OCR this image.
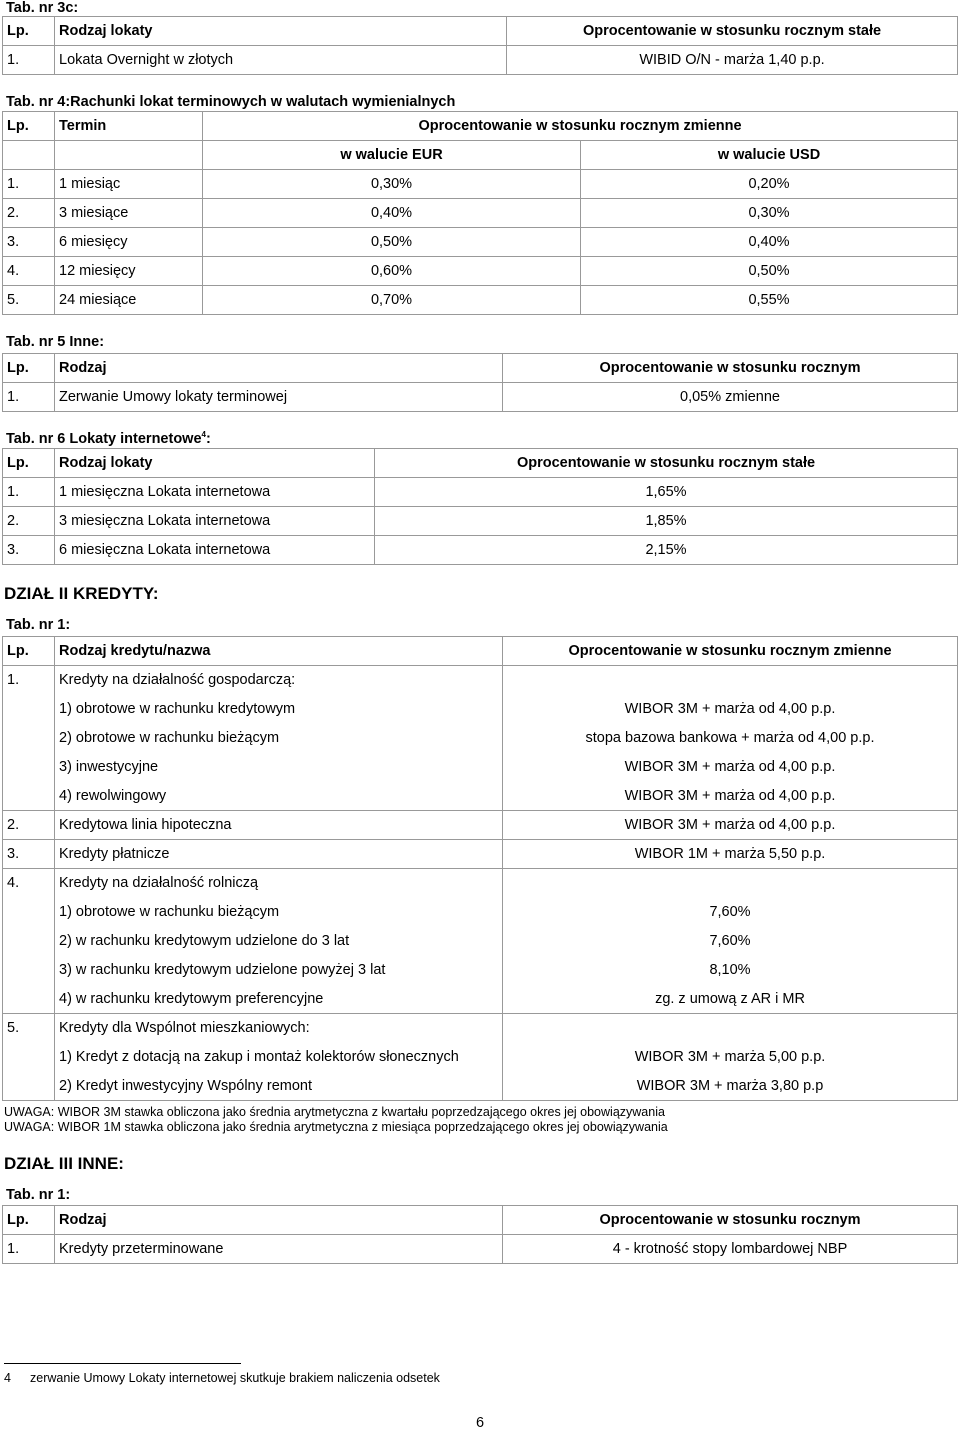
Tab. nr 3c:
Lp.	Rodzaj lokaty	Oprocentowanie w stosunku rocznym stałe
1.	Lokata Overnight w złotych	WIBID O/N - marża 1,40 p.p.
Tab. nr 4:Rachunki lokat terminowych w walutach wymienialnych
Lp.	Termin	Oprocentowanie w stosunku rocznym zmienne	
		w walucie EUR	w walucie USD
1.	1 miesiąc	0,30%	0,20%
2.	3 miesiące	0,40%	0,30%
3.	6 miesięcy	0,50%	0,40%
4.	12 miesięcy	0,60%	0,50%
5.	24 miesiące	0,70%	0,55%
Tab. nr 5 Inne:
Lp.	Rodzaj	Oprocentowanie w stosunku rocznym
1.	Zerwanie Umowy lokaty terminowej	0,05% zmienne
Tab. nr 6 Lokaty internetowe$^4$:
Lp.	Rodzaj lokaty	Oprocentowanie w stosunku rocznym stałe
1.	1 miesięczna Lokata internetowa	1,65%
2.	3 miesięczna Lokata internetowa	1,85%
3.	6 miesięczna Lokata internetowa	2,15%
DZIAŁ II KREDYTY:
Tab. nr 1:
Lp.	Rodzaj kredytu/nazwa	Oprocentowanie w stosunku rocznym zmienne
1.	Kredyty na działalność gospodarczą:	
	1) obrotowe w rachunku kredytowym	WIBOR 3M + marża od 4,00 p.p.
	2) obrotowe w rachunku bieżącym	stopa bazowa bankowa + marża od 4,00 p.p.
	3) inwestycyjne	WIBOR 3M + marża od 4,00 p.p.
	4) rewolwingowy	WIBOR 3M + marża od 4,00 p.p.
2.	Kredytowa linia hipoteczna	WIBOR 3M + marża od 4,00 p.p.
3.	Kredyty płatnicze	WIBOR 1M + marża 5,50 p.p.
4.	Kredyty na działalność rolniczą	
	1) obrotowe w rachunku bieżącym	7,60%
	2) w rachunku kredytowym udzielone do 3 lat	7,60%
	3) w rachunku kredytowym udzielone powyżej 3 lat	8,10%
	4) w rachunku kredytowym preferencyjne	zg. z umową z AR i MR
5.	Kredyty dla Wspólnot mieszkaniowych:	
	1) Kredyt z dotacją na zakup i montaż kolektorów słonecznych	WIBOR 3M + marża 5,00 p.p.
	2) Kredyt inwestycyjny Wspólny remont	WIBOR 3M + marża 3,80 p.p
UWAGA: WIBOR 3M stawka obliczona jako średnia arytmetyczna z kwartału poprzedzającego okres jej obowiązywania
UWAGA: WIBOR 1M stawka obliczona jako średnia arytmetyczna z miesiąca poprzedzającego okres jej obowiązywania
DZIAŁ III INNE:
Tab. nr 1:
Lp.	Rodzaj	Oprocentowanie w stosunku rocznym
1.	Kredyty przeterminowane	4 - krotność stopy lombardowej NBP
4 zerwanie Umowy Lokaty internetowej skutkuje brakiem naliczenia odsetek
6
